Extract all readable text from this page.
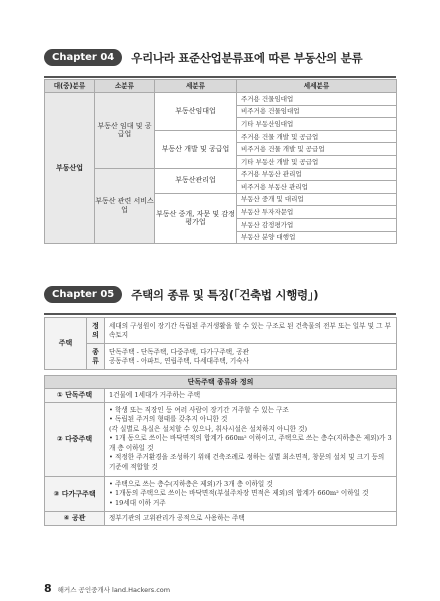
Chapter 04	우리나라 표준산업분류표에 따른 부동산의 분류
대(중)분류	소분류	세분류	세세분류
부동산업	부동산 임대 및 공급업	부동산임대업	주거용 건물임대업
			비주거용 건물임대업
			기타 부동산임대업
		부동산 개발 및 공급업	주거용 건물 개발 및 공급업
			비주거용 건물 개발 및 공급업
			기타 부동산 개발 및 공급업
	부동산 관련 서비스업	부동산관리업	주거용 부동산 관리업
			비주거용 부동산 관리업
		부동산 중개, 자문 및 감정평가업	부동산 중개 및 대리업
			부동산 투자자문업
			부동산 감정평가업
			부동산 분양 대행업
Chapter 05	주택의 종류 및 특징(「건축법 시행령」)
주택	정의	세대의 구성원이 장기간 독립된 주거생활을 할 수 있는 구조로 된 건축물의 전부 또는 일부 및 그 부속토지
	종류	단독주택 - 단독주택, 다중주택, 다가구주택, 공관
공동주택 - 아파트, 연립주택, 다세대주택, 기숙사
단독주택 종류와 정의	
① 단독주택	1건물에 1세대가 거주하는 주택
② 다중주택	• 학생 또는 직장인 등 여러 사람이 장기간 거주할 수 있는 구조
• 독립된 주거의 형태를 갖추지 아니한 것
(각 실별로 욕실은 설치할 수 있으나, 취사시설은 설치하지 아니한 것)
• 1개 동으로 쓰이는 바닥면적의 합계가 660m² 이하이고, 주택으로 쓰는 층수(지하층은 제외)가 3개 층 이하일 것
• 적정한 주거환경을 조성하기 위해 건축조례로 정하는 실별 최소면적, 창문의 설치 및 크기 등의 기준에 적합할 것

③ 다가구주택	• 주택으로 쓰는 층수(지하층은 제외)가 3개 층 이하일 것
• 1개동의 주택으로 쓰이는 바닥면적(부설주차장 면적은 제외)의 합계가 660m² 이하일 것
• 19세대 이하 거주

④ 공관	정부기관의 고위관리가 공적으로 사용하는 주택
8 해커스 공인중개사 land.Hackers.com
